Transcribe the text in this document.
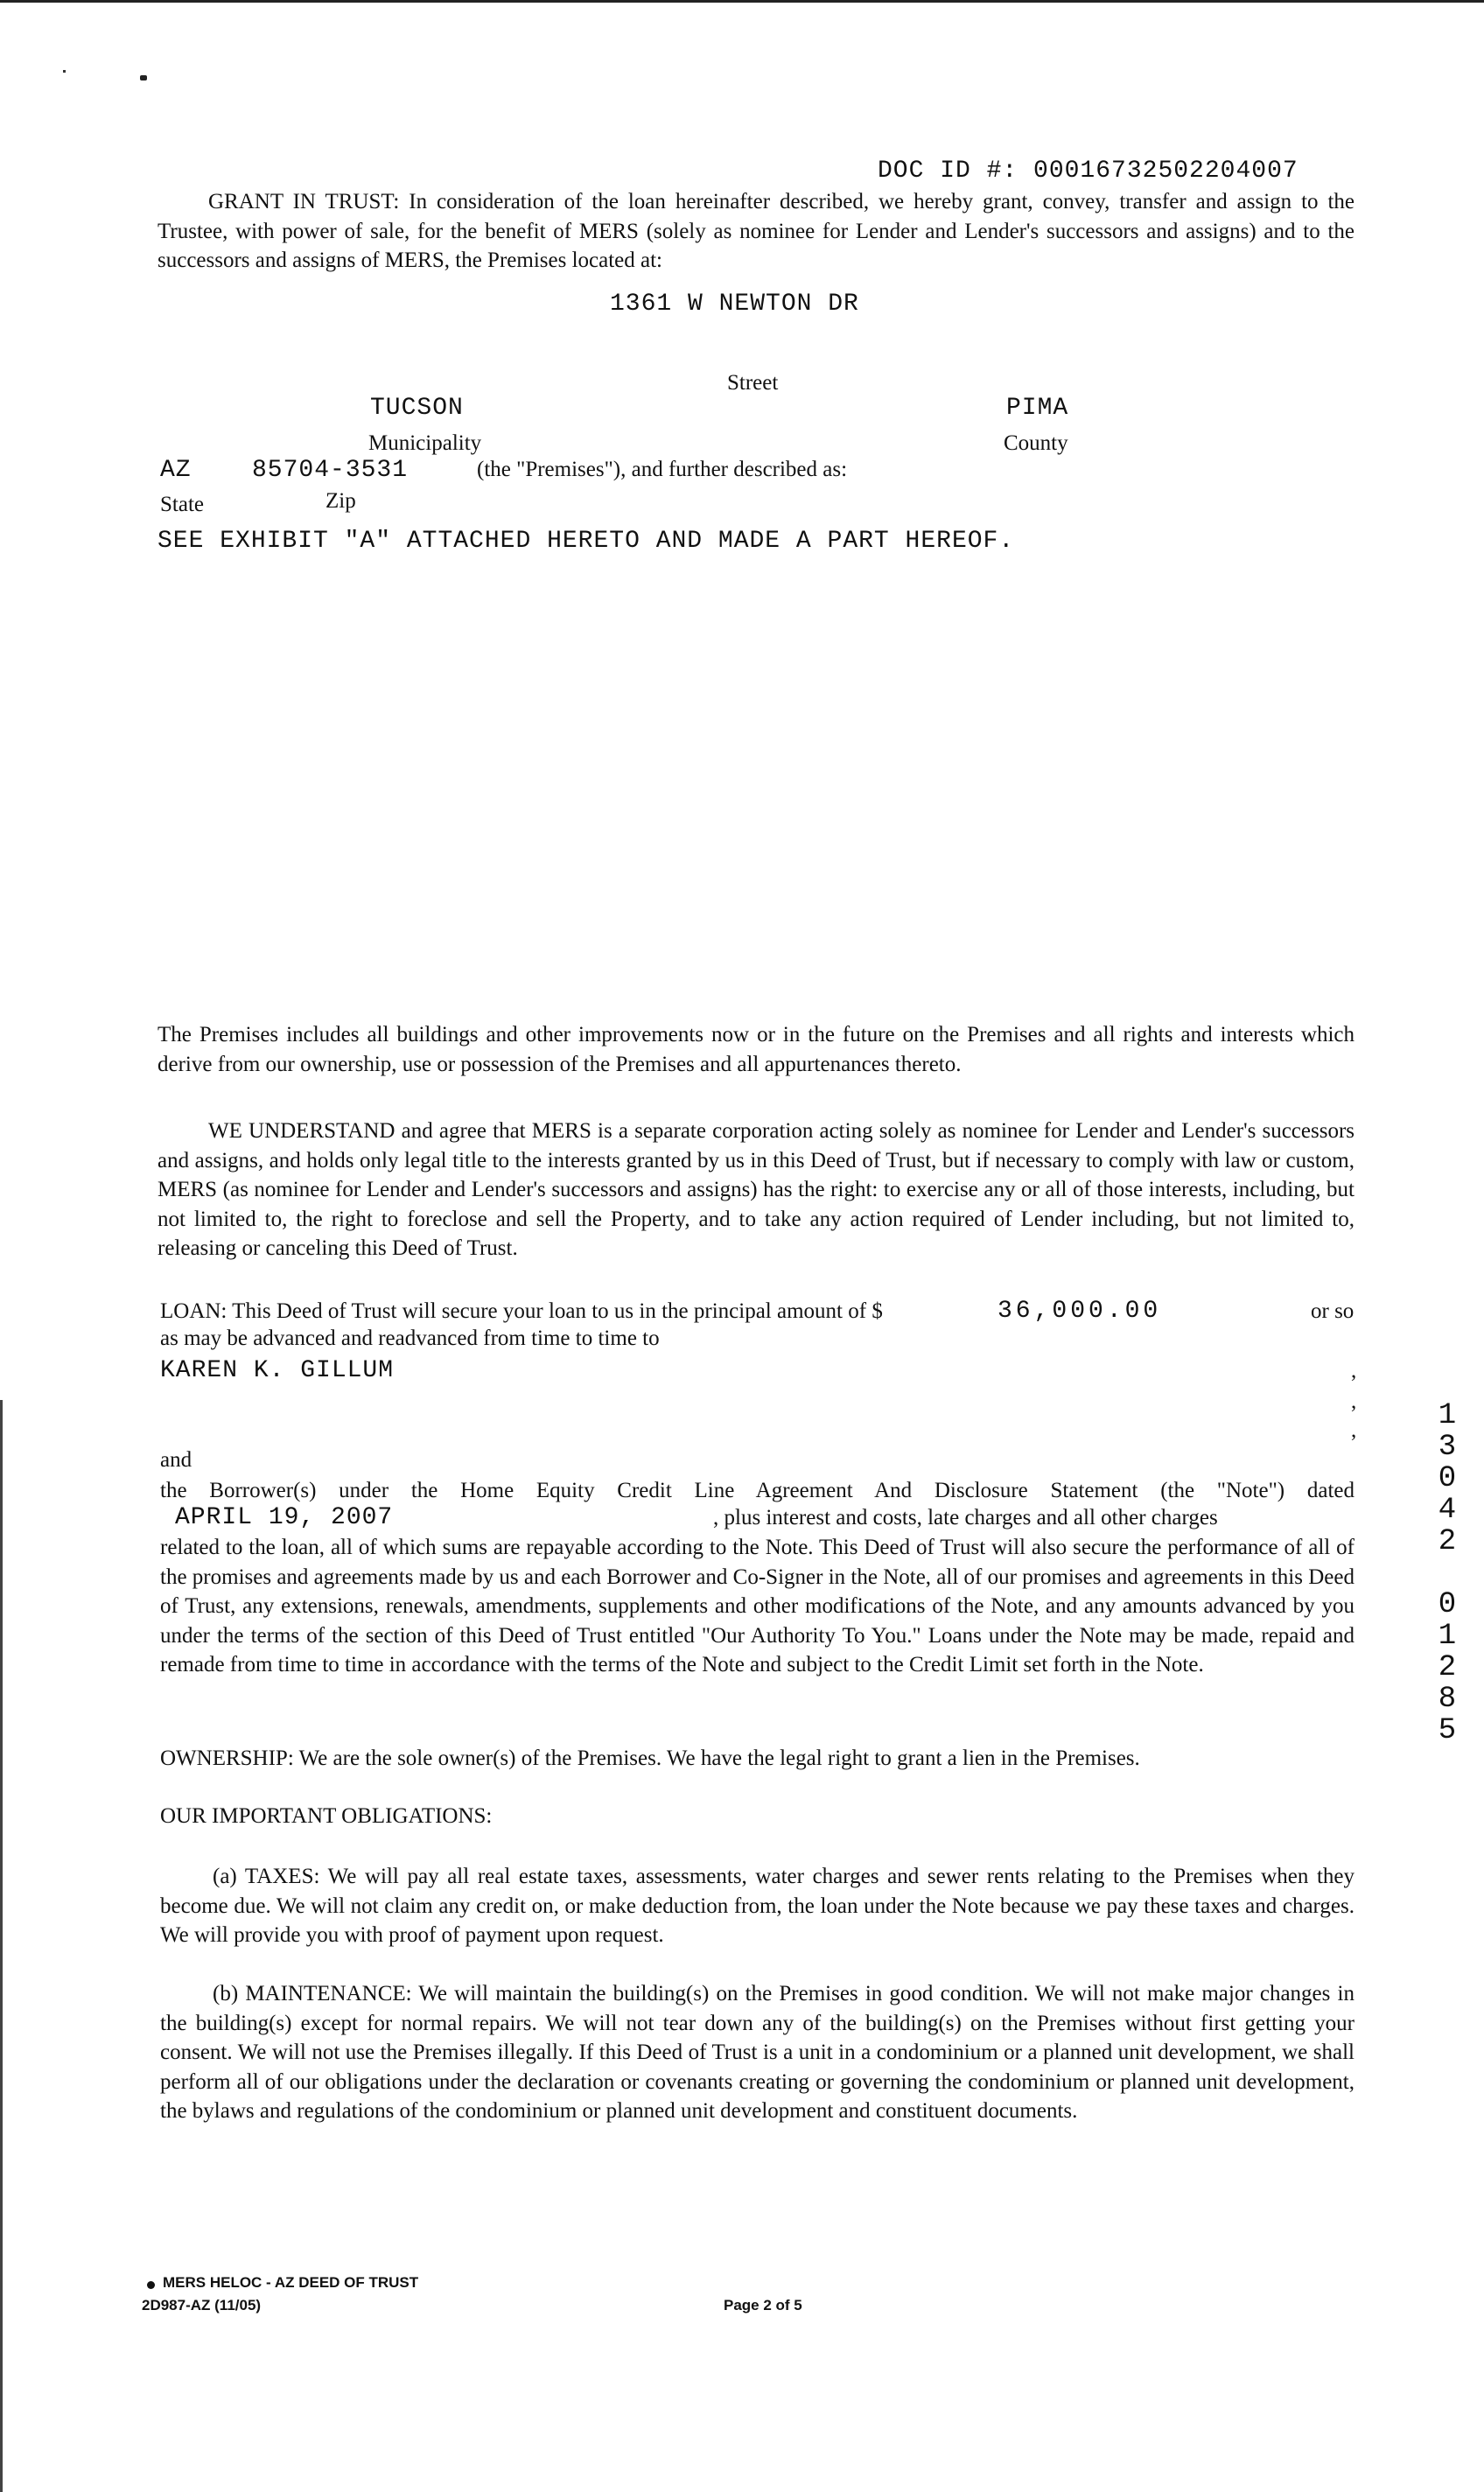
DOC ID #: 00016732502204007
GRANT IN TRUST: In consideration of the loan hereinafter described, we hereby grant, convey, transfer and assign to the Trustee, with power of sale, for the benefit of MERS (solely as nominee for Lender and Lender's successors and assigns) and to the successors and assigns of MERS, the Premises located at:
1361 W NEWTON DR
Street
TUCSON
Municipality
PIMA
County
AZ 85704-3531	(the "Premises"), and further described as:
State	Zip
SEE EXHIBIT "A" ATTACHED HERETO AND MADE A PART HEREOF.
The Premises includes all buildings and other improvements now or in the future on the Premises and all rights and interests which derive from our ownership, use or possession of the Premises and all appurtenances thereto.
WE UNDERSTAND and agree that MERS is a separate corporation acting solely as nominee for Lender and Lender's successors and assigns, and holds only legal title to the interests granted by us in this Deed of Trust, but if necessary to comply with law or custom, MERS (as nominee for Lender and Lender's successors and assigns) has the right: to exercise any or all of those interests, including, but not limited to, the right to foreclose and sell the Property, and to take any action required of Lender including, but not limited to, releasing or canceling this Deed of Trust.
LOAN: This Deed of Trust will secure your loan to us in the principal amount of $	36,000.00	or so
as may be advanced and readvanced from time to time to
KAREN K. GILLUM	,
,
,
and
the Borrower(s) under the Home Equity Credit Line Agreement And Disclosure Statement (the "Note") dated
APRIL 19, 2007	, plus interest and costs, late charges and all other charges
related to the loan, all of which sums are repayable according to the Note. This Deed of Trust will also secure the performance of all of the promises and agreements made by us and each Borrower and Co-Signer in the Note, all of our promises and agreements in this Deed of Trust, any extensions, renewals, amendments, supplements and other modifications of the Note, and any amounts advanced by you under the terms of the section of this Deed of Trust entitled "Our Authority To You." Loans under the Note may be made, repaid and remade from time to time in accordance with the terms of the Note and subject to the Credit Limit set forth in the Note.
OWNERSHIP: We are the sole owner(s) of the Premises. We have the legal right to grant a lien in the Premises.
OUR IMPORTANT OBLIGATIONS:
(a) TAXES: We will pay all real estate taxes, assessments, water charges and sewer rents relating to the Premises when they become due. We will not claim any credit on, or make deduction from, the loan under the Note because we pay these taxes and charges. We will provide you with proof of payment upon request.
(b) MAINTENANCE: We will maintain the building(s) on the Premises in good condition. We will not make major changes in the building(s) except for normal repairs. We will not tear down any of the building(s) on the Premises without first getting your consent. We will not use the Premises illegally. If this Deed of Trust is a unit in a condominium or a planned unit development, we shall perform all of our obligations under the declaration or covenants creating or governing the condominium or planned unit development, the bylaws and regulations of the condominium or planned unit development and constituent documents.
1
3
0
4
2
0
1
2
8
5
MERS HELOC - AZ DEED OF TRUST
2D987-AZ (11/05)	Page 2 of 5
